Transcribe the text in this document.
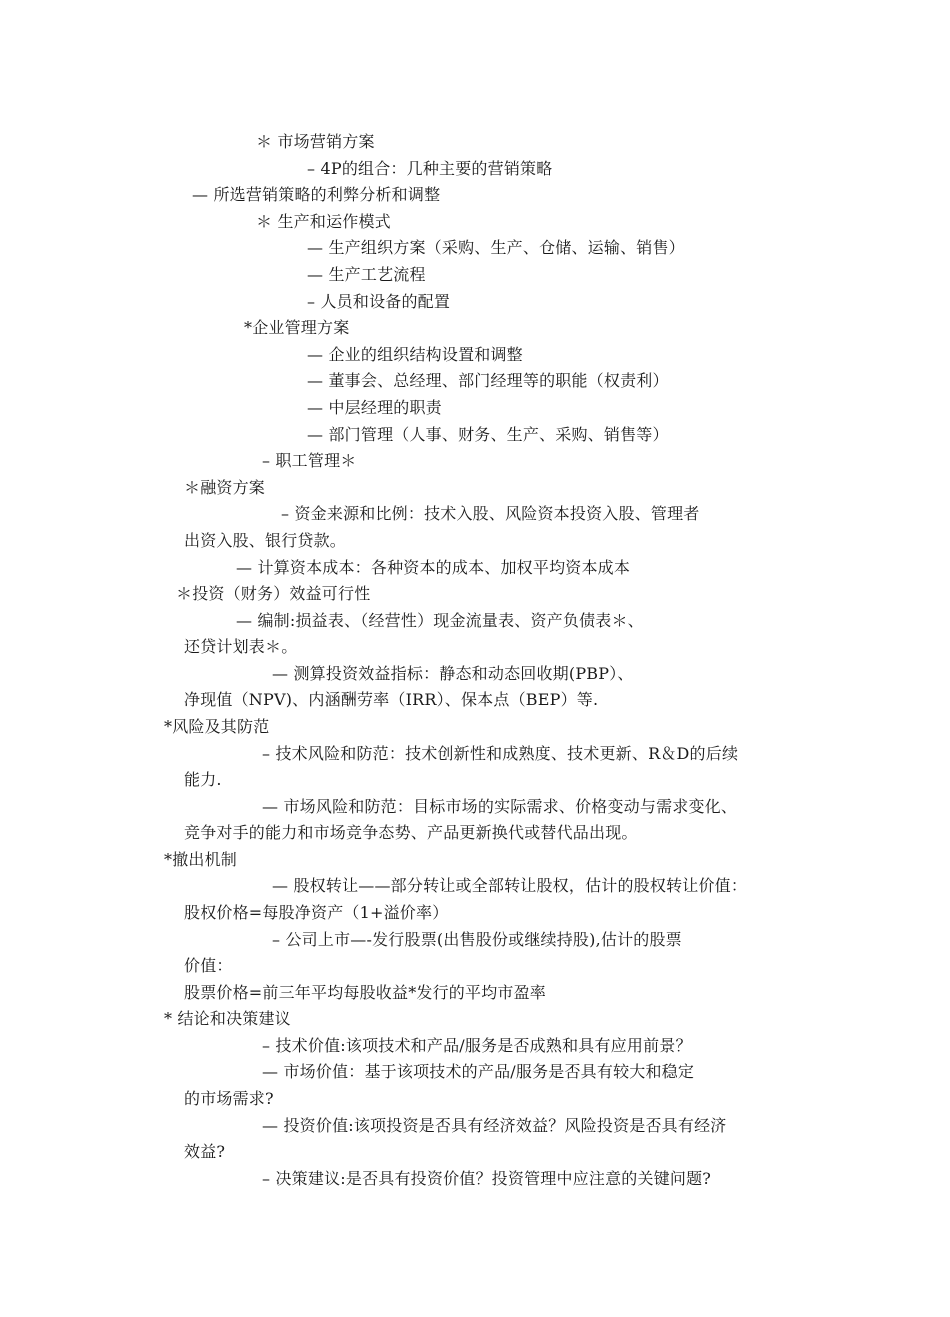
＊ 市场营销方案
– 4P的组合：几种主要的营销策略
— 所选营销策略的利弊分析和调整
＊ 生产和运作模式
— 生产组织方案（采购、生产、仓储、运输、销售）
— 生产工艺流程
– 人员和设备的配置
*企业管理方案
— 企业的组织结构设置和调整
— 董事会、总经理、部门经理等的职能（权责利）
— 中层经理的职责
— 部门管理（人事、财务、生产、采购、销售等）
– 职工管理＊
＊融资方案
– 资金来源和比例：技术入股、风险资本投资入股、管理者
出资入股、银行贷款。
— 计算资本成本：各种资本的成本、加权平均资本成本
＊投资（财务）效益可行性
— 编制:损益表、（经营性）现金流量表、资产负债表＊、
还贷计划表＊。
— 测算投资效益指标：静态和动态回收期(PBP）、
净现值（NPV)、内涵酬劳率（IRR）、保本点（BEP）等.
*风险及其防范
– 技术风险和防范：技术创新性和成熟度、技术更新、R＆D的后续
能力.
— 市场风险和防范：目标市场的实际需求、价格变动与需求变化、
竞争对手的能力和市场竞争态势、产品更新换代或替代品出现。
*撤出机制
— 股权转让——部分转让或全部转让股权，估计的股权转让价值：
股权价格=每股净资产（1+溢价率）
– 公司上市—-发行股票(出售股份或继续持股),估计的股票
价值：
股票价格=前三年平均每股收益*发行的平均市盈率
* 结论和决策建议
– 技术价值:该项技术和产品/服务是否成熟和具有应用前景？
— 市场价值：基于该项技术的产品/服务是否具有较大和稳定
的市场需求?
— 投资价值:该项投资是否具有经济效益？风险投资是否具有经济
效益?
– 决策建议:是否具有投资价值？投资管理中应注意的关键问题?
